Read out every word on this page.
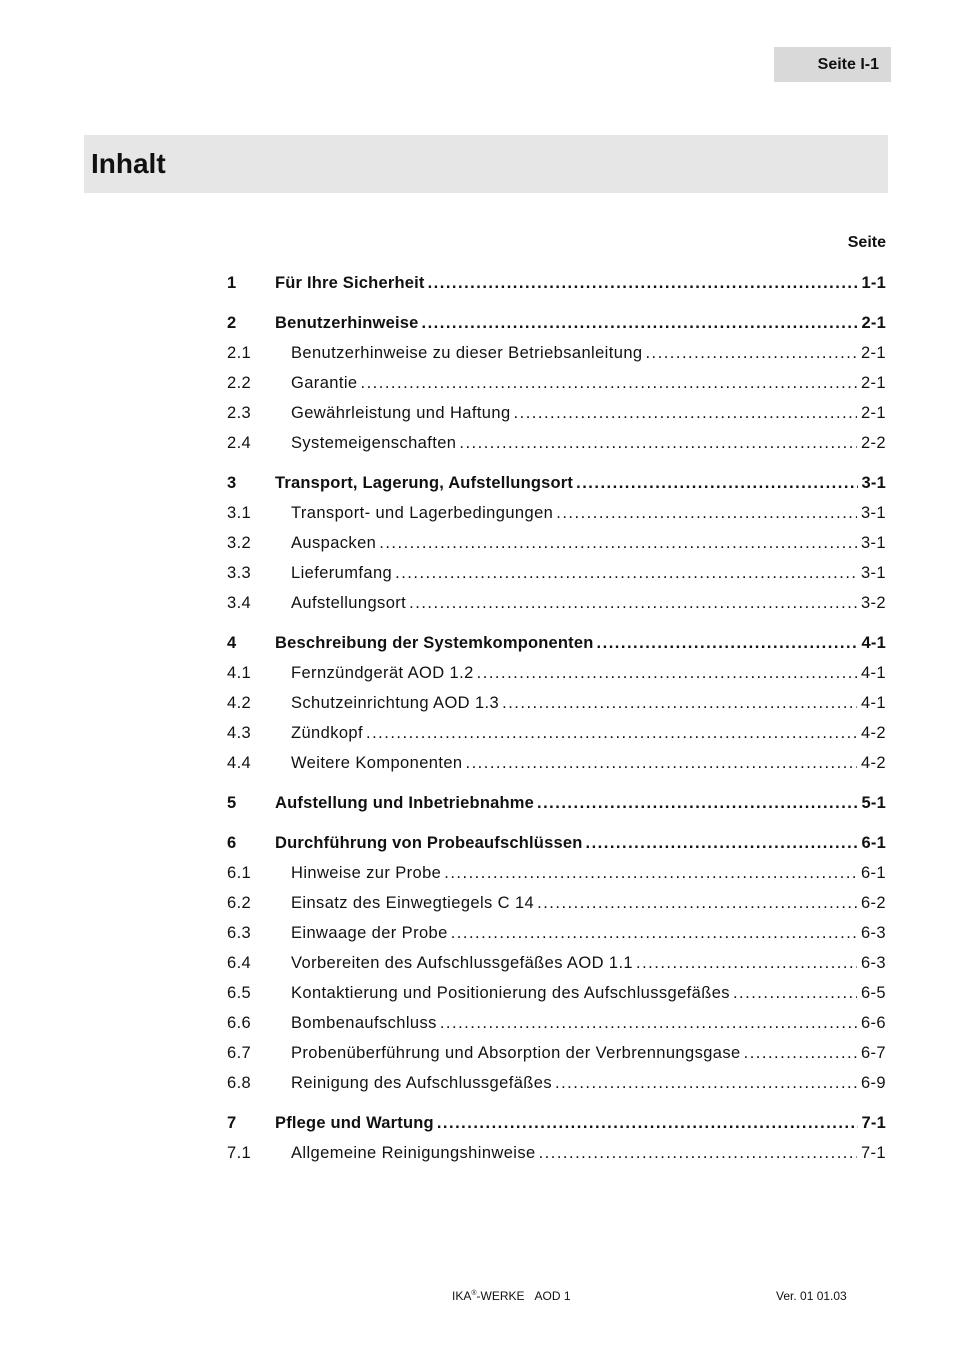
Seite I-1
Inhalt
Seite
1	Für Ihre Sicherheit .....	1-1
2	Benutzerhinweise .....	2-1
2.1	Benutzerhinweise zu dieser Betriebsanleitung .....	2-1
2.2	Garantie .....	2-1
2.3	Gewährleistung und Haftung .....	2-1
2.4	Systemeigenschaften .....	2-2
3	Transport, Lagerung, Aufstellungsort .....	3-1
3.1	Transport- und Lagerbedingungen .....	3-1
3.2	Auspacken .....	3-1
3.3	Lieferumfang .....	3-1
3.4	Aufstellungsort .....	3-2
4	Beschreibung der Systemkomponenten .....	4-1
4.1	Fernzündgerät AOD 1.2 .....	4-1
4.2	Schutzeinrichtung AOD 1.3 .....	4-1
4.3	Zündkopf .....	4-2
4.4	Weitere Komponenten .....	4-2
5	Aufstellung und Inbetriebnahme .....	5-1
6	Durchführung von Probeaufschlüssen .....	6-1
6.1	Hinweise zur Probe .....	6-1
6.2	Einsatz des Einwegtiegels C 14 .....	6-2
6.3	Einwaage der Probe .....	6-3
6.4	Vorbereiten des Aufschlussgefäßes AOD 1.1 .....	6-3
6.5	Kontaktierung und Positionierung des Aufschlussgefäßes .....	6-5
6.6	Bombenaufschluss .....	6-6
6.7	Probenüberführung und Absorption der Verbrennungsgase .....	6-7
6.8	Reinigung des Aufschlussgefäßes .....	6-9
7	Pflege und Wartung .....	7-1
7.1	Allgemeine Reinigungshinweise .....	7-1
IKA®-WERKE AOD 1	Ver. 01 01.03
